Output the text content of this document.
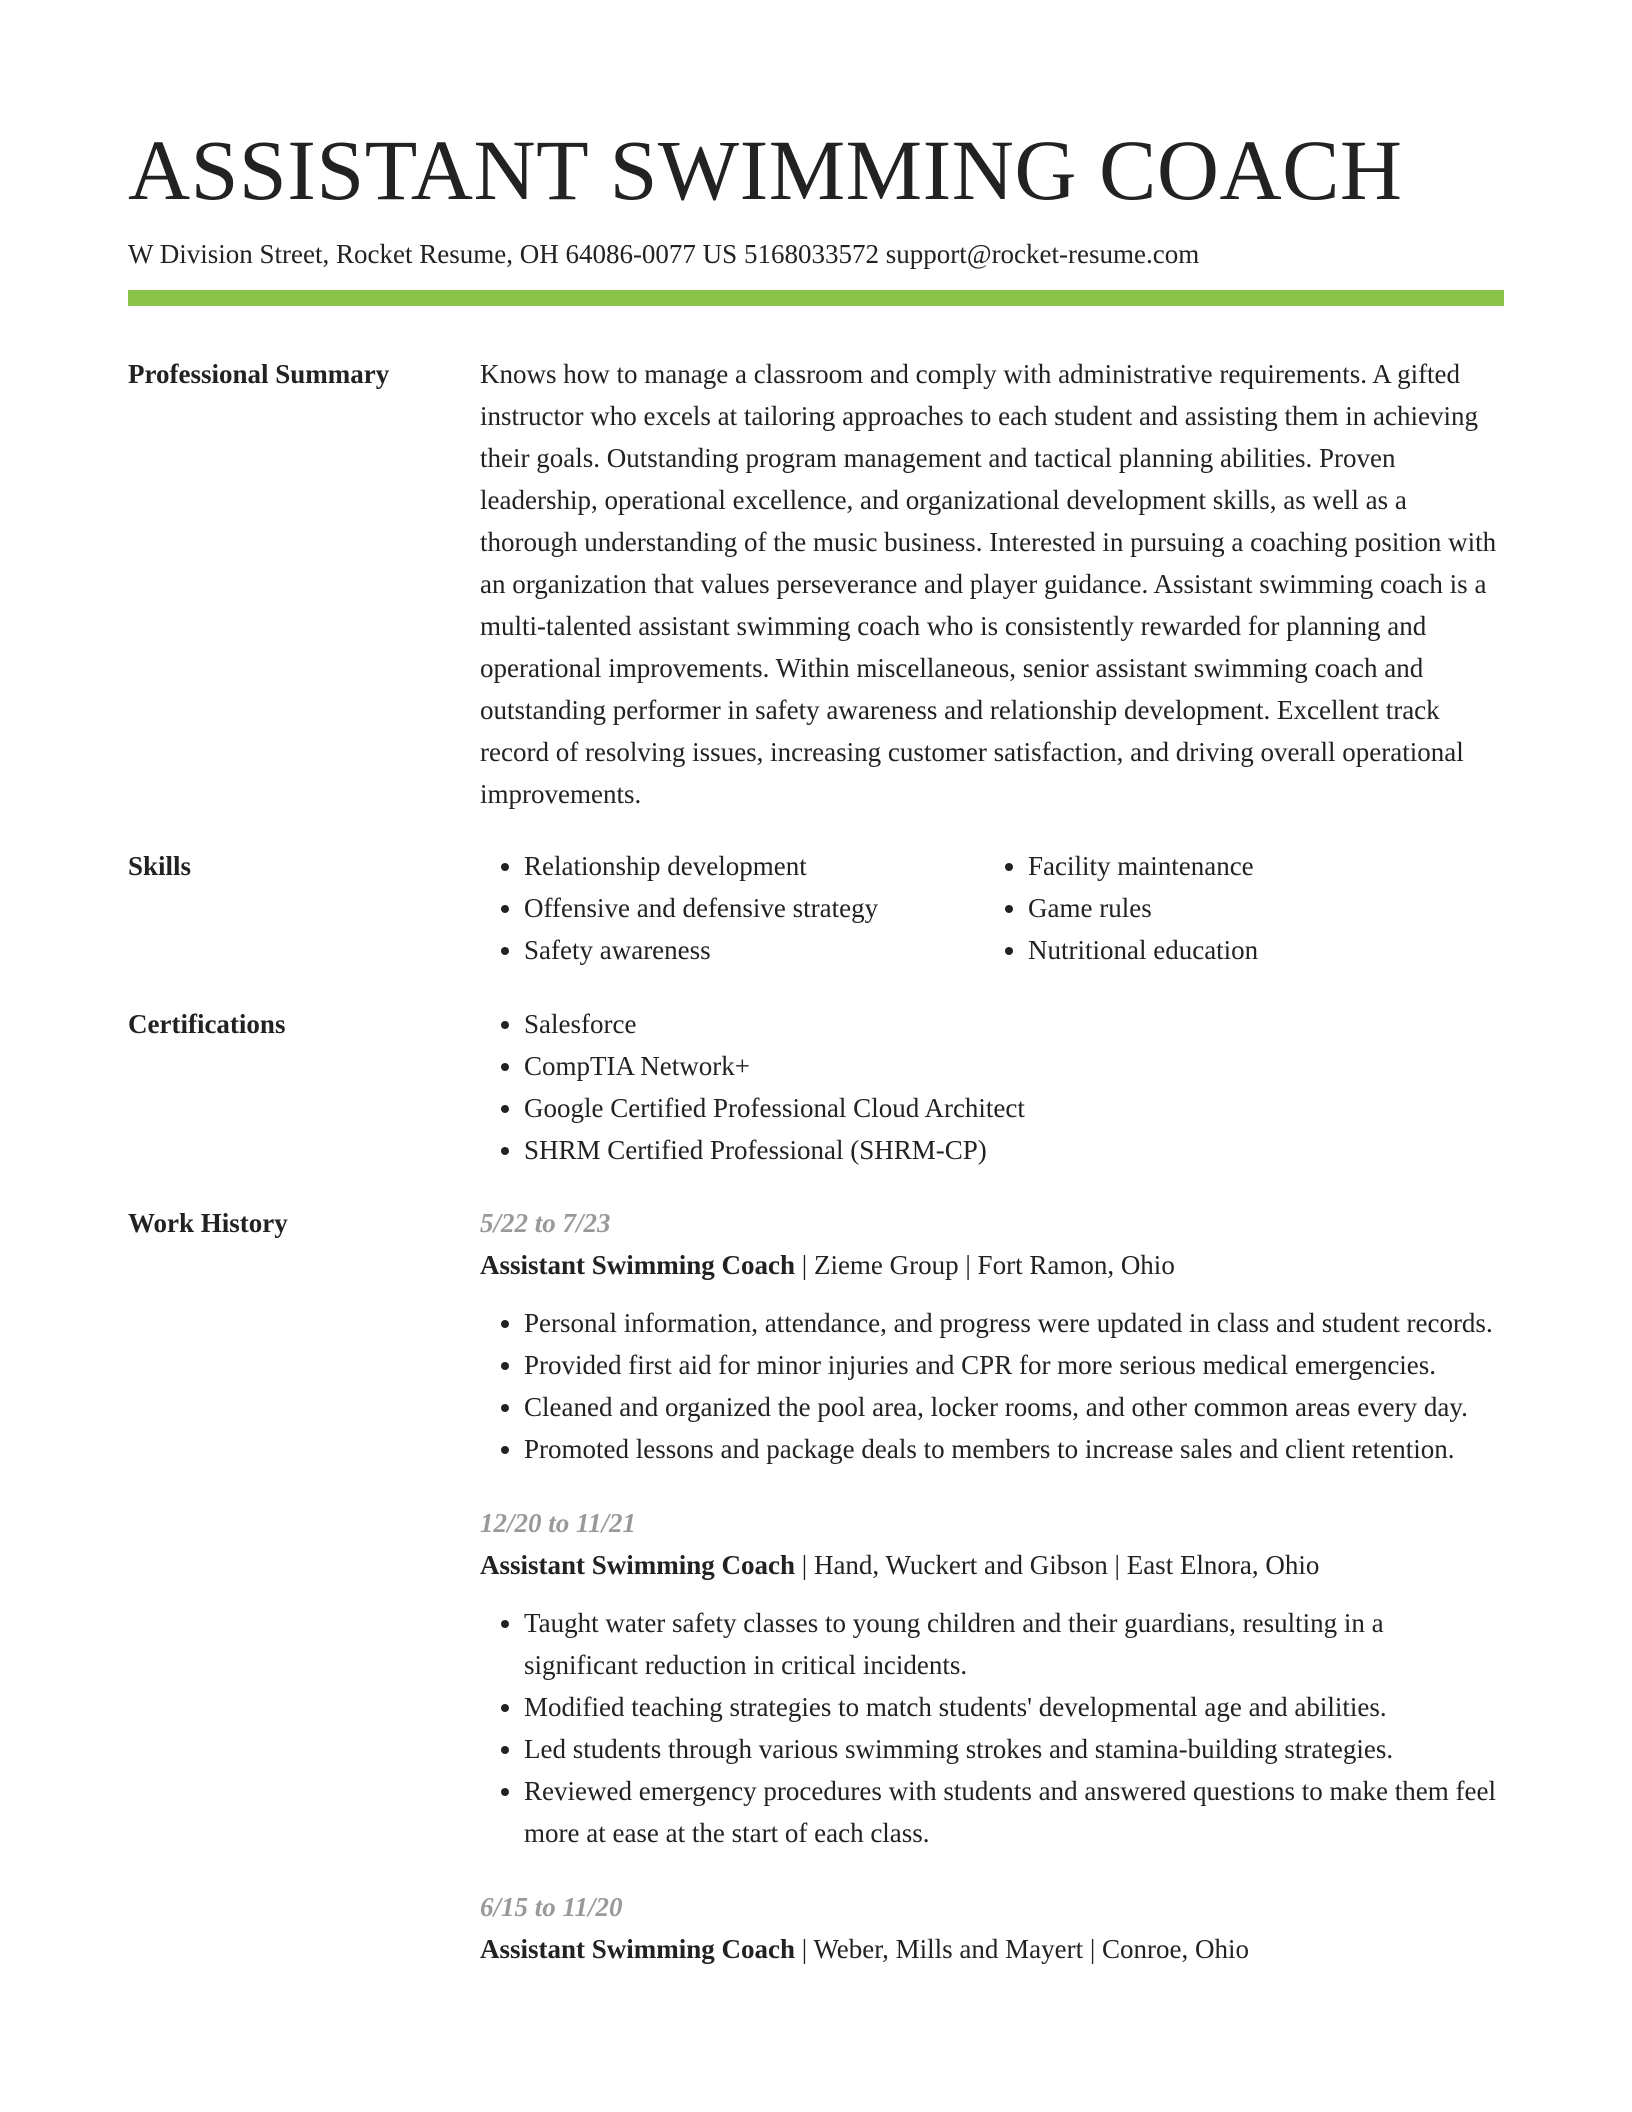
ASSISTANT SWIMMING COACH
W Division Street, Rocket Resume, OH 64086-0077 US 5168033572 support@rocket-resume.com
Professional Summary	Knows how to manage a classroom and comply with administrative requirements. A gifted instructor who excels at tailoring approaches to each student and assisting them in achieving their goals. Outstanding program management and tactical planning abilities. Proven leadership, operational excellence, and organizational development skills, as well as a thorough understanding of the music business. Interested in pursuing a coaching position with an organization that values perseverance and player guidance. Assistant swimming coach is a multi-talented assistant swimming coach who is consistently rewarded for planning and operational improvements. Within miscellaneous, senior assistant swimming coach and outstanding performer in safety awareness and relationship development. Excellent track record of resolving issues, increasing customer satisfaction, and driving overall operational improvements.
Skills	• Relationship development
• Offensive and defensive strategy
• Safety awareness
• Facility maintenance
• Game rules
• Nutritional education
Certifications	• Salesforce
• CompTIA Network+
• Google Certified Professional Cloud Architect
• SHRM Certified Professional (SHRM-CP)
Work History	5/22 to 7/23
Assistant Swimming Coach | Zieme Group | Fort Ramon, Ohio
• Personal information, attendance, and progress were updated in class and student records.
• Provided first aid for minor injuries and CPR for more serious medical emergencies.
• Cleaned and organized the pool area, locker rooms, and other common areas every day.
• Promoted lessons and package deals to members to increase sales and client retention.
12/20 to 11/21
Assistant Swimming Coach | Hand, Wuckert and Gibson | East Elnora, Ohio
• Taught water safety classes to young children and their guardians, resulting in a significant reduction in critical incidents.
• Modified teaching strategies to match students' developmental age and abilities.
• Led students through various swimming strokes and stamina-building strategies.
• Reviewed emergency procedures with students and answered questions to make them feel more at ease at the start of each class.
6/15 to 11/20
Assistant Swimming Coach | Weber, Mills and Mayert | Conroe, Ohio
